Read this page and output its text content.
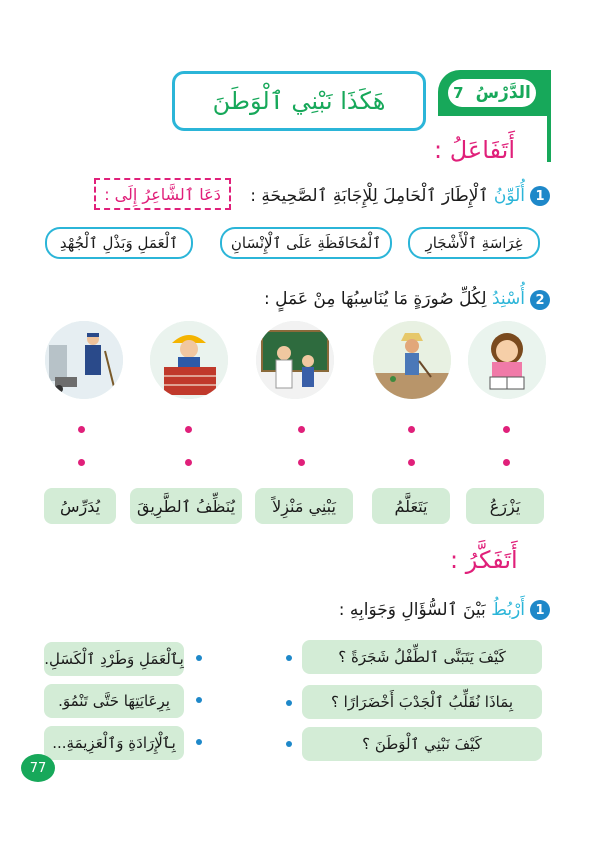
الدَّرْسُ
7
هَكَذَا نَبْنِي ٱلْوَطَنَ
أَتَفَاعَلُ :
1
أُلَوِّنُ ٱلْإِطَارَ ٱلْحَامِلَ لِلْإِجَابَةِ ٱلصَّحِيحَةِ :
دَعَا ٱلشَّاعِرُ إِلَى :
غِرَاسَةِ ٱلْأَشْجَارِ
ٱلْمُحَافَظَةِ عَلَى ٱلْإِنْسَانِ
ٱلْعَمَلِ وَبَذْلِ ٱلْجُهْدِ
2
أُسْنِدُ لِكُلِّ صُورَةٍ مَا يُنَاسِبُهَا مِنْ عَمَلٍ :
يَزْرَعُ
يَتَعَلَّمُ
يَبْنِي مَنْزِلاً
يُنَظِّفُ ٱلطَّرِيقَ
يُدَرِّسُ
أَتَفَكَّرُ :
1
أَرْبُطُ بَيْنَ ٱلسُّؤَالِ وَجَوَابِهِ :
كَيْفَ يَتَبَنَّى ٱلطِّفْلُ شَجَرَةً ؟
بِمَاذَا نُقَلِّبُ ٱلْجَدْبَ أَخْضَرَارًا ؟
كَيْفَ نَبْنِي ٱلْوَطَنَ ؟
بِٱلْعَمَلِ وَطَرْدِ ٱلْكَسَلِ.
بِرِعَايَتِهَا حَتَّى تَنْمُوَ.
بِٱلْإِرَادَةِ وَٱلْعَزِيمَةِ...
77
